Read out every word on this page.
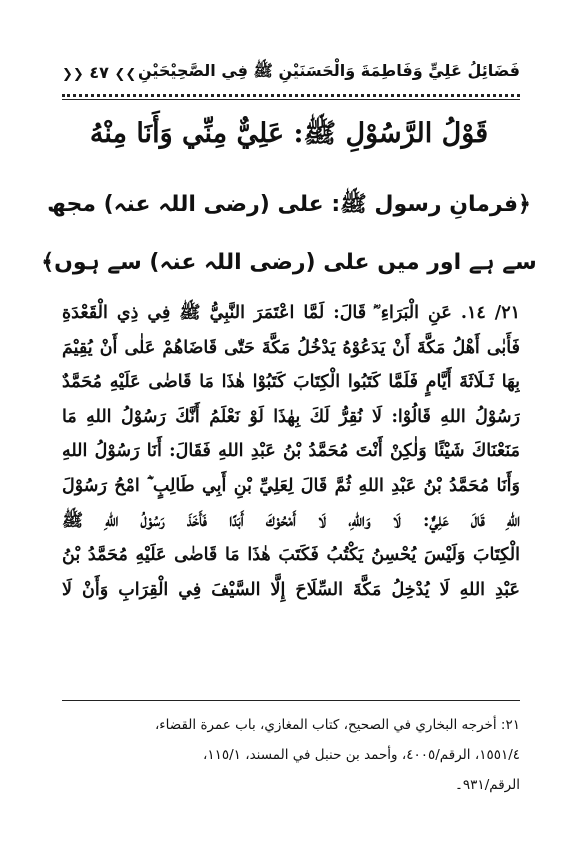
فَضَائِلُ عَلِيٍّ وَفَاطِمَةَ وَالْحَسَنَيْنِ ﷺ فِي الصَّحِيْحَيْنِ
❯❯ ٤٧ ❮❮
قَوْلُ الرَّسُوْلِ ﷺ: عَلِيٌّ مِنِّي وَأَنَا مِنْهُ
﴿فرمانِ رسول ﷺ: علی (رضی اللہ عنہ) مجھ سے ہے اور میں علی (رضی اللہ عنہ) سے ہوں﴾
٢١/ ١٤. عَنِ الْبَرَاءِ ؓ قَالَ: لَمَّا اعْتَمَرَ النَّبِيُّ ﷺ فِي ذِي الْقَعْدَةِ
فَأَبٰى أَهْلُ مَكَّةَ أَنْ يَدَعُوْهُ يَدْخُلُ مَكَّةَ حَتّٰى قَاضَاهُمْ عَلٰى أَنْ يُقِيْمَ
بِهَا ثَـلَاثَةَ أَيَّامٍ فَلَمَّا كَتَبُوا الْكِتَابَ كَتَبُوْا هٰذَا مَا قَاضٰى عَلَيْهِ مُحَمَّدٌ
رَسُوْلُ اللهِ قَالُوْا: لَا نُقِرُّ لَكَ بِهٰذَا لَوْ نَعْلَمُ أَنَّكَ رَسُوْلُ اللهِ مَا
مَنَعْنَاكَ شَيْئًا وَلٰكِنْ أَنْتَ مُحَمَّدُ بْنُ عَبْدِ اللهِ فَقَالَ: أَنَا رَسُوْلُ اللهِ
وَأَنَا مُحَمَّدُ بْنُ عَبْدِ اللهِ ثُمَّ قَالَ لِعَلِيِّ بْنِ أَبِي طَالِبٍ ؓ امْحُ رَسُوْلَ
اللهِ قَالَ عَلِيٌّ: لَا وَاللهِ، لَا أَمْحُوْكَ أَبَدًا فَأَخَذَ رَسُوْلُ اللهِ ﷺ
الْكِتَابَ وَلَيْسَ يُحْسِنُ يَكْتُبُ فَكَتَبَ هٰذَا مَا قَاضٰى عَلَيْهِ مُحَمَّدُ بْنُ
عَبْدِ اللهِ لَا يُدْخِلُ مَكَّةَ السِّلَاحَ إِلَّا السَّيْفَ فِي الْقِرَابِ وَأَنْ لَا
٢١: أخرجه البخاري في الصحيح، كتاب المغازي، باب عمرة القضاء،
١٥٥١/٤، الرقم/٤٠٠٥، وأحمد بن حنبل في المسند، ١١٥/١،
الرقم/٩٣١۔
